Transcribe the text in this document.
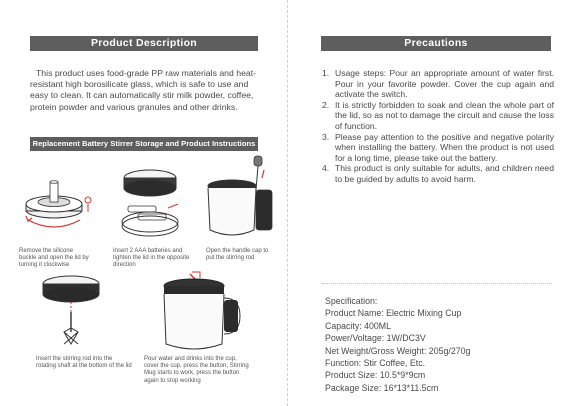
Product Description
This product uses food-grade PP raw materials and heat-resistant high borosilicate glass, which is safe to use and easy to clean. It can automatically stir milk powder, coffee, protein powder and various granules and other drinks.
Replacement Battery Stirrer Storage and Product Instructions
Remove the silicone buckle and open the lid by turning it clockwise
Insert 2 AAA batteries and tighten the lid in the opposite direction
Open the handle cap to put the stirring rod
Insert the stirring rod into the rotating shaft at the bottom of the lid
Pour water and drinks into the cup, cover the cup, press the button, Stirring Mug starts to work, press the button again to stop working
Precautions
1. Usage steps: Pour an appropriate amount of water first. Pour in your favorite powder. Cover the cup again and activate the switch.
2. It is strictly forbidden to soak and clean the whole part of the lid, so as not to damage the circuit and cause the loss of function.
3. Please pay attention to the positive and negative polarity when installing the battery. When the product is not used for a long time, please take out the battery.
4. This product is only suitable for adults, and children need to be guided by adults to avoid harm.
Specification:
Product Name: Electric Mixing Cup
Capacity: 400ML
Power/Voltage: 1W/DC3V
Net Weight/Gross Weight: 205g/270g
Function: Stir Coffee, Etc.
Product Size: 10.5*9*9cm
Package Size: 16*13*11.5cm
